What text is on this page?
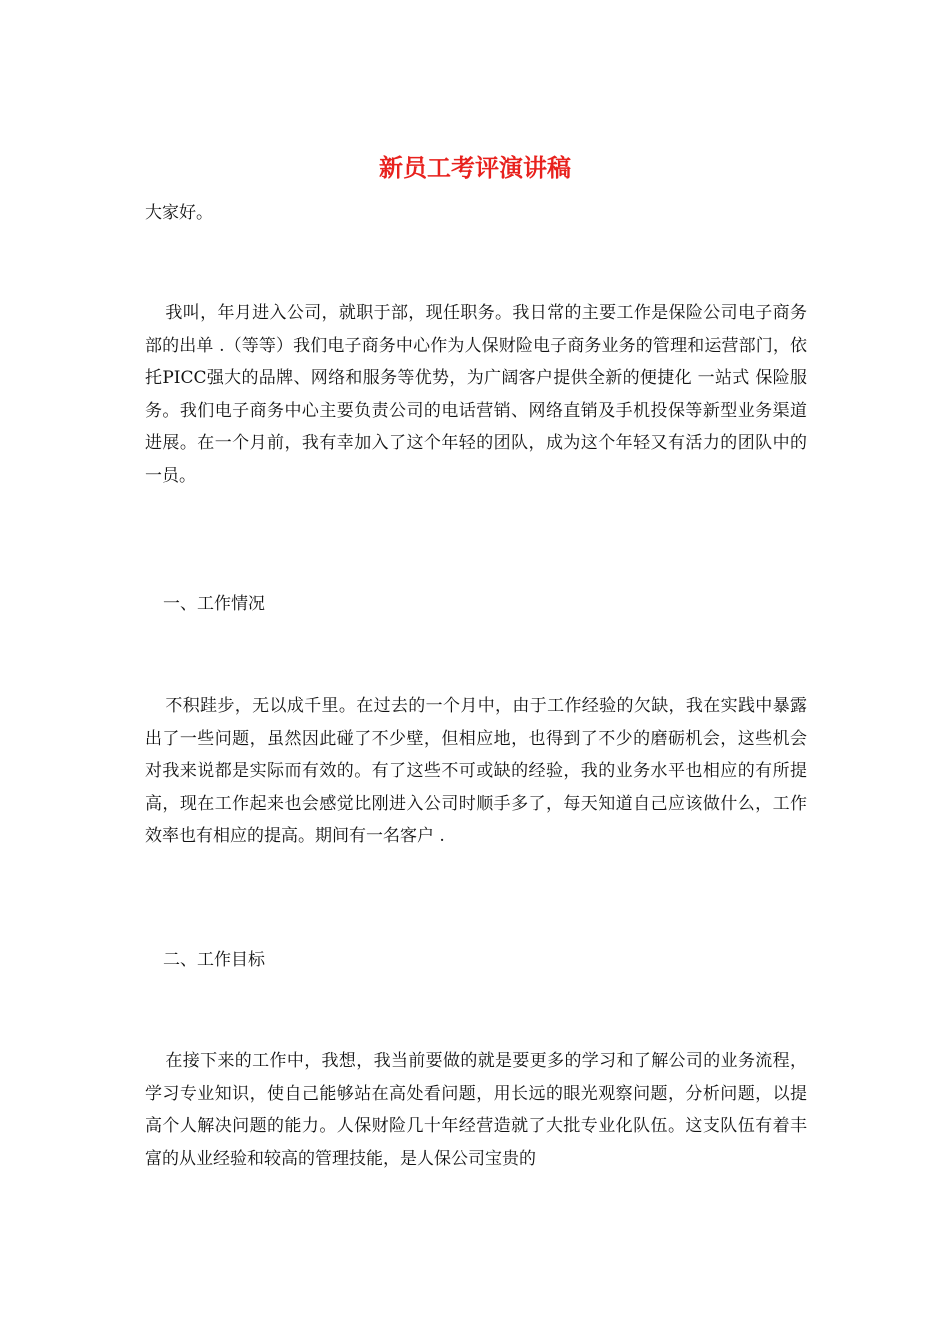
新员工考评演讲稿

大家好。

我叫，年月进入公司，就职于部，现任职务。我日常的主要工作是保险公司电子商务部的出单 .（等等）我们电子商务中心作为人保财险电子商务业务的管理和运营部门，依托PICC强大的品牌、网络和服务等优势，为广阔客户提供全新的便捷化 一站式 保险服务。我们电子商务中心主要负责公司的电话营销、网络直销及手机投保等新型业务渠道进展。在一个月前，我有幸加入了这个年轻的团队，成为这个年轻又有活力的团队中的一员。

一、工作情况

不积跬步，无以成千里。在过去的一个月中，由于工作经验的欠缺，我在实践中暴露出了一些问题，虽然因此碰了不少壁，但相应地，也得到了不少的磨砺机会，这些机会对我来说都是实际而有效的。有了这些不可或缺的经验，我的业务水平也相应的有所提高，现在工作起来也会感觉比刚进入公司时顺手多了，每天知道自己应该做什么，工作效率也有相应的提高。期间有一名客户 .

二、工作目标

在接下来的工作中，我想，我当前要做的就是要更多的学习和了解公司的业务流程，学习专业知识，使自己能够站在高处看问题，用长远的眼光观察问题，分析问题，以提高个人解决问题的能力。人保财险几十年经营造就了大批专业化队伍。这支队伍有着丰富的从业经验和较高的管理技能，是人保公司宝贵的
